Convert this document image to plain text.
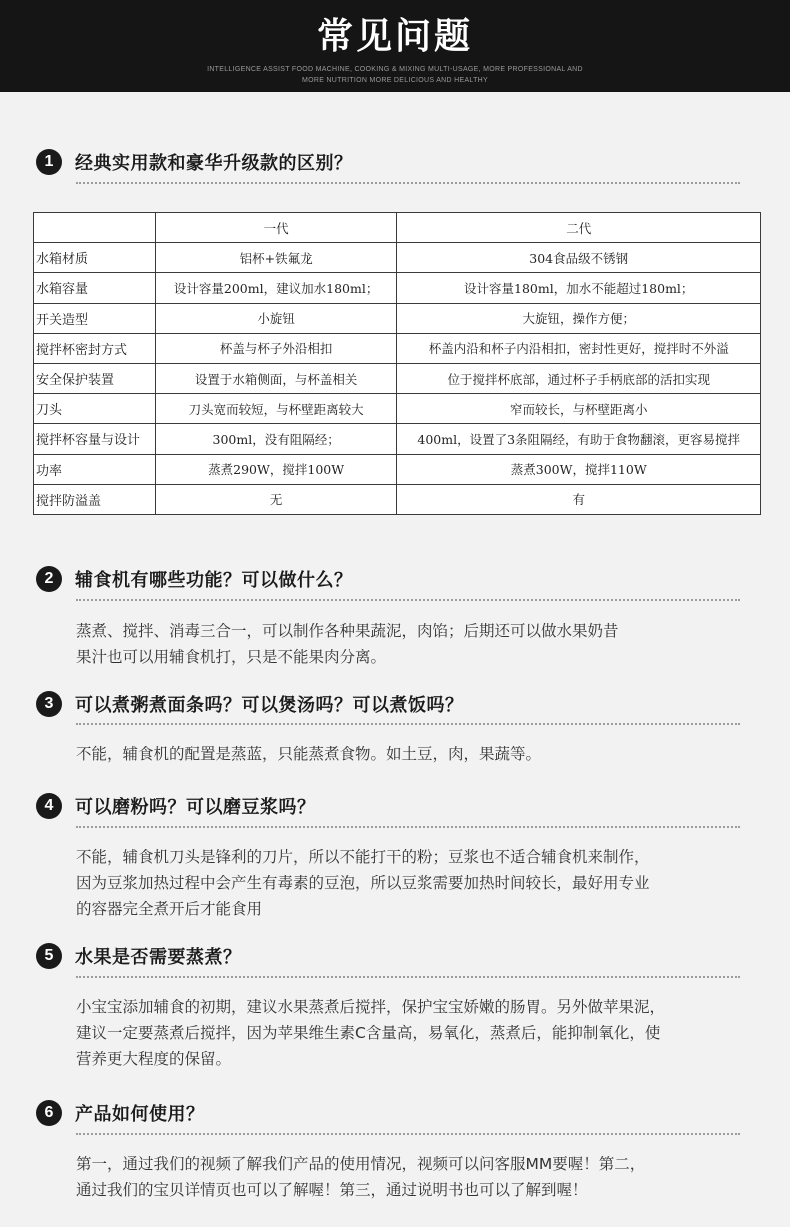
常见问题
INTELLIGENCE ASSIST FOOD MACHINE, COOKING & MIXING MULTI-USAGE, MORE PROFESSIONAL AND
MORE NUTRITION MORE DELICIOUS AND HEALTHY
1	经典实用款和豪华升级款的区别？
	一代	二代
水箱材质	铝杯+铁氟龙	304食品级不锈钢
水箱容量	设计容量200ml，建议加水180ml；	设计容量180ml，加水不能超过180ml；
开关造型	小旋钮	大旋钮，操作方便；
搅拌杯密封方式	杯盖与杯子外沿相扣	杯盖内沿和杯子内沿相扣，密封性更好，搅拌时不外溢
安全保护装置	设置于水箱侧面，与杯盖相关	位于搅拌杯底部，通过杯子手柄底部的活扣实现
刀头	刀头宽而较短，与杯壁距离较大	窄而较长，与杯壁距离小
搅拌杯容量与设计	300ml，没有阻隔经；	400ml，设置了3条阻隔经，有助于食物翻滚，更容易搅拌
功率	蒸煮290W，搅拌100W	蒸煮300W，搅拌110W
搅拌防溢盖	无	有
2	辅食机有哪些功能？可以做什么？

蒸煮、搅拌、消毒三合一，可以制作各种果蔬泥，肉馅；后期还可以做水果奶昔

果汁也可以用辅食机打，只是不能果肉分离。

3	可以煮粥煮面条吗？可以煲汤吗？可以煮饭吗？

不能，辅食机的配置是蒸蓝，只能蒸煮食物。如土豆，肉，果蔬等。

4	可以磨粉吗？可以磨豆浆吗？

不能，辅食机刀头是锋利的刀片，所以不能打干的粉；豆浆也不适合辅食机来制作，

因为豆浆加热过程中会产生有毒素的豆泡，所以豆浆需要加热时间较长，最好用专业

的容器完全煮开后才能食用

5	水果是否需要蒸煮？

小宝宝添加辅食的初期，建议水果蒸煮后搅拌，保护宝宝娇嫩的肠胃。另外做苹果泥，

建议一定要蒸煮后搅拌，因为苹果维生素C含量高，易氧化，蒸煮后，能抑制氧化，使

营养更大程度的保留。

6	产品如何使用？

第一，通过我们的视频了解我们产品的使用情况，视频可以问客服MM要喔！第二，

通过我们的宝贝详情页也可以了解喔！第三，通过说明书也可以了解到喔！
